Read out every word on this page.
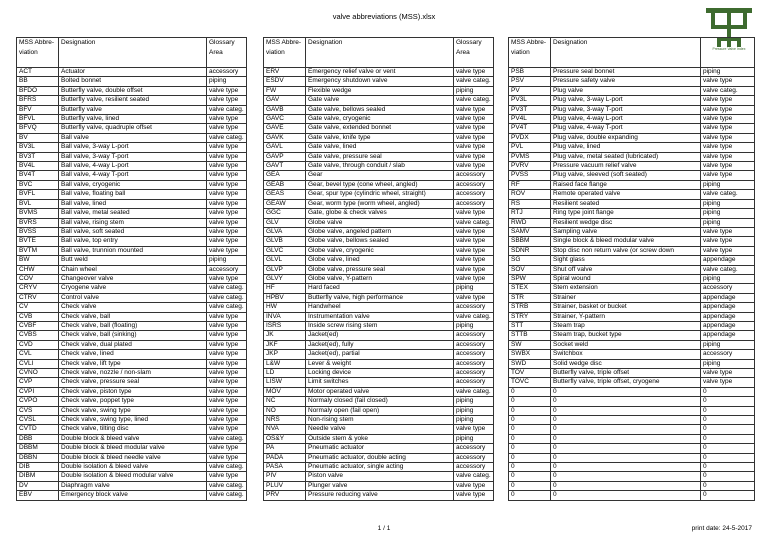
valve abbreviations (MSS).xlsx
Pressure Valve Index
MSS Abbre- viation	Designation	Glossary Area
ACT	Actuator	accessory
BB	Bolted bonnet	piping
BFDO	Butterfly valve, double offset	valve type
BFRS	Butterfly valve, resilient seated	valve type
BFV	Butterfly valve	valve categ.
BFVL	Butterfly valve, lined	valve type
BFVQ	Butterfly valve, quadruple offset	valve type
BV	Ball valve	valve categ.
BV3L	Ball valve, 3-way L-port	valve type
BV3T	Ball valve, 3-way T-port	valve type
BV4L	Ball valve, 4-way L-port	valve type
BV4T	Ball valve, 4-way T-port	valve type
BVC	Ball valve, cryogenic	valve type
BVFL	Ball valve, floating ball	valve type
BVL	Ball valve, lined	valve type
BVMS	Ball valve, metal seated	valve type
BVRS	Ball valve, rising stem	valve type
BVSS	Ball valve, soft seated	valve type
BVTE	Ball valve, top entry	valve type
BVTM	Ball valve, trunnion mounted	valve type
BW	Butt weld	piping
CHW	Chain wheel	accessory
COV	Changeover valve	valve type
CRYV	Cryogene valve	valve categ.
CTRV	Control valve	valve categ.
CV	Check valve	valve categ.
CVB	Check valve, ball	valve type
CVBF	Check valve, ball (floating)	valve type
CVBS	Check valve, ball (sinking)	valve type
CVD	Check valve, dual plated	valve type
CVL	Check valve, lined	valve type
CVLI	Check valve, lift type	valve type
CVNO	Check valve, nozzle / non-slam	valve type
CVP	Check valve, pressure seal	valve type
CVPI	Check valve, piston type	valve type
CVPO	Check valve, poppet type	valve type
CVS	Check valve, swing type	valve type
CVSL	Check valve, swing type, lined	valve type
CVTD	Check valve, tilting disc	valve type
DBB	Double block & bleed valve	valve categ.
DBBM	Double block & bleed modular valve	valve type
DBBN	Double block & bleed needle valve	valve type
DIB	Double isolation & bleed valve	valve categ.
DIBM	Double isolation & bleed modular valve	valve type
DV	Diaphragm valve	valve categ.
EBV	Emergency block valve	valve categ.
MSS Abbre- viation	Designation	Glossary Area
ERV	Emergency relief valve or vent	valve type
ESDV	Emergency shutdown valve	valve categ.
FW	Flexible wedge	piping
GAV	Gate valve	valve categ.
GAVB	Gate valve, bellows sealed	valve type
GAVC	Gate valve, cryogenic	valve type
GAVE	Gate valve, extended bonnet	valve type
GAVK	Gate valve, knife type	valve type
GAVL	Gate valve, lined	valve type
GAVP	Gate valve, pressure seal	valve type
GAVT	Gate valve, through conduit / slab	valve type
GEA	Gear	accessory
GEAB	Gear, bevel type (cone wheel, angled)	accessory
GEAS	Gear, spur type (cylindric wheel, straight)	accessory
GEAW	Gear, worm type (worm wheel, angled)	accessory
GGC	Gate, globe & check valves	valve type
GLV	Globe valve	valve categ.
GLVA	Globe valve, angeled pattern	valve type
GLVB	Globe valve, bellows sealed	valve type
GLVC	Globe valve, cryogenic	valve type
GLVL	Globe valve, lined	valve type
GLVP	Globe valve, pressure seal	valve type
GLVY	Globe valve, Y-pattern	valve type
HF	Hard faced	piping
HPBV	Butterfly valve, high performance	valve type
HW	Handwheel	accessory
INVA	Instrumentation valve	valve categ.
ISRS	Inside screw rising stem	piping
JK	Jacket(ed)	accessory
JKF	Jacket(ed), fully	accessory
JKP	Jacket(ed), partial	accessory
L&W	Lever & weight	accessory
LD	Locking device	accessory
LISW	Limit switches	accessory
MOV	Motor operated valve	valve categ.
NC	Normaly closed (fail closed)	piping
NO	Normaly open (fail open)	piping
NRS	Non-rising stem	piping
NVA	Needle valve	valve type
OS&Y	Outside stem & yoke	piping
PA	Pneumatic actuator	accessory
PADA	Pneumatic actuator, double acting	accessory
PASA	Pneumatic actuator, single acting	accessory
PIV	Piston valve	valve categ.
PLUV	Plunger valve	valve type
PRV	Pressure reducing valve	valve type
MSS Abbre- viation	Designation	
PSB	Pressure seal bonnet	piping
PSV	Pressure safety valve	valve type
PV	Plug valve	valve categ.
PV3L	Plug valve, 3-way L-port	valve type
PV3T	Plug valve, 3-way T-port	valve type
PV4L	Plug valve, 4-way L-port	valve type
PV4T	Plug valve, 4-way T-port	valve type
PVDX	Plug valve, double expanding	valve type
PVL	Plug valve, lined	valve type
PVMS	Plug valve, metal seated (lubricated)	valve type
PVRV	Pressure vacuum relief valve	valve type
PVSS	Plug valve, sleeved (soft seated)	valve type
RF	Raised face flange	piping
ROV	Remote operated valve	valve categ.
RS	Resilient seated	piping
RTJ	Ring type joint flange	piping
RWD	Resilient wedge disc	piping
SAMV	Sampling valve	valve type
SBBM	Single block & bleed modular valve	valve type
SDNR	Stop disc non return valve (or screw down	valve type
SG	Sight glass	appendage
SOV	Shut off valve	valve categ.
SPW	Spiral wound	piping
STEX	Stem extension	accessory
STR	Strainer	appendage
STRB	Strainer, basket or bucket	appendage
STRY	Strainer, Y-pattern	appendage
STT	Steam trap	appendage
STTB	Steam trap, bucket type	appendage
SW	Socket weld	piping
SWBX	Switchbox	accessory
SWD	Solid wedge disc	piping
TOV	Butterfly valve, triple offset	valve type
TOVC	Butterfly valve, triple offset, cryogene	valve type
0	0	0
0	0	0
0	0	0
0	0	0
0	0	0
0	0	0
0	0	0
0	0	0
0	0	0
0	0	0
0	0	0
0	0	0
1 / 1	print date: 24-5-2017
